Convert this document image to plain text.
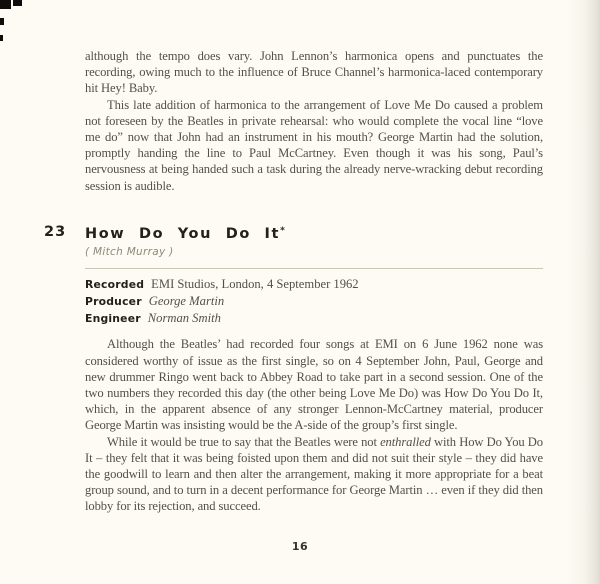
although the tempo does vary. John Lennon’s harmonica opens and punctuates the recording, owing much to the influence of Bruce Channel’s harmonica-laced contemporary hit Hey! Baby.

This late addition of harmonica to the arrangement of Love Me Do caused a problem not foreseen by the Beatles in private rehearsal: who would complete the vocal line “love me do” now that John had an instrument in his mouth? George Martin had the solution, promptly handing the line to Paul McCartney. Even though it was his song, Paul’s nervousness at being handed such a task during the already nerve-wracking debut recording session is audible.

23 How Do You Do It*
( Mitch Murray )
Recorded EMI Studios, London, 4 September 1962
Producer George Martin
Engineer Norman Smith

Although the Beatles’ had recorded four songs at EMI on 6 June 1962 none was considered worthy of issue as the first single, so on 4 September John, Paul, George and new drummer Ringo went back to Abbey Road to take part in a second session. One of the two numbers they recorded this day (the other being Love Me Do) was How Do You Do It, which, in the apparent absence of any stronger Lennon-McCartney material, producer George Martin was insisting would be the A-side of the group’s first single.

While it would be true to say that the Beatles were not enthralled with How Do You Do It – they felt that it was being foisted upon them and did not suit their style – they did have the goodwill to learn and then alter the arrangement, making it more appropriate for a beat group sound, and to turn in a decent performance for George Martin … even if they did then lobby for its rejection, and succeed.

16
